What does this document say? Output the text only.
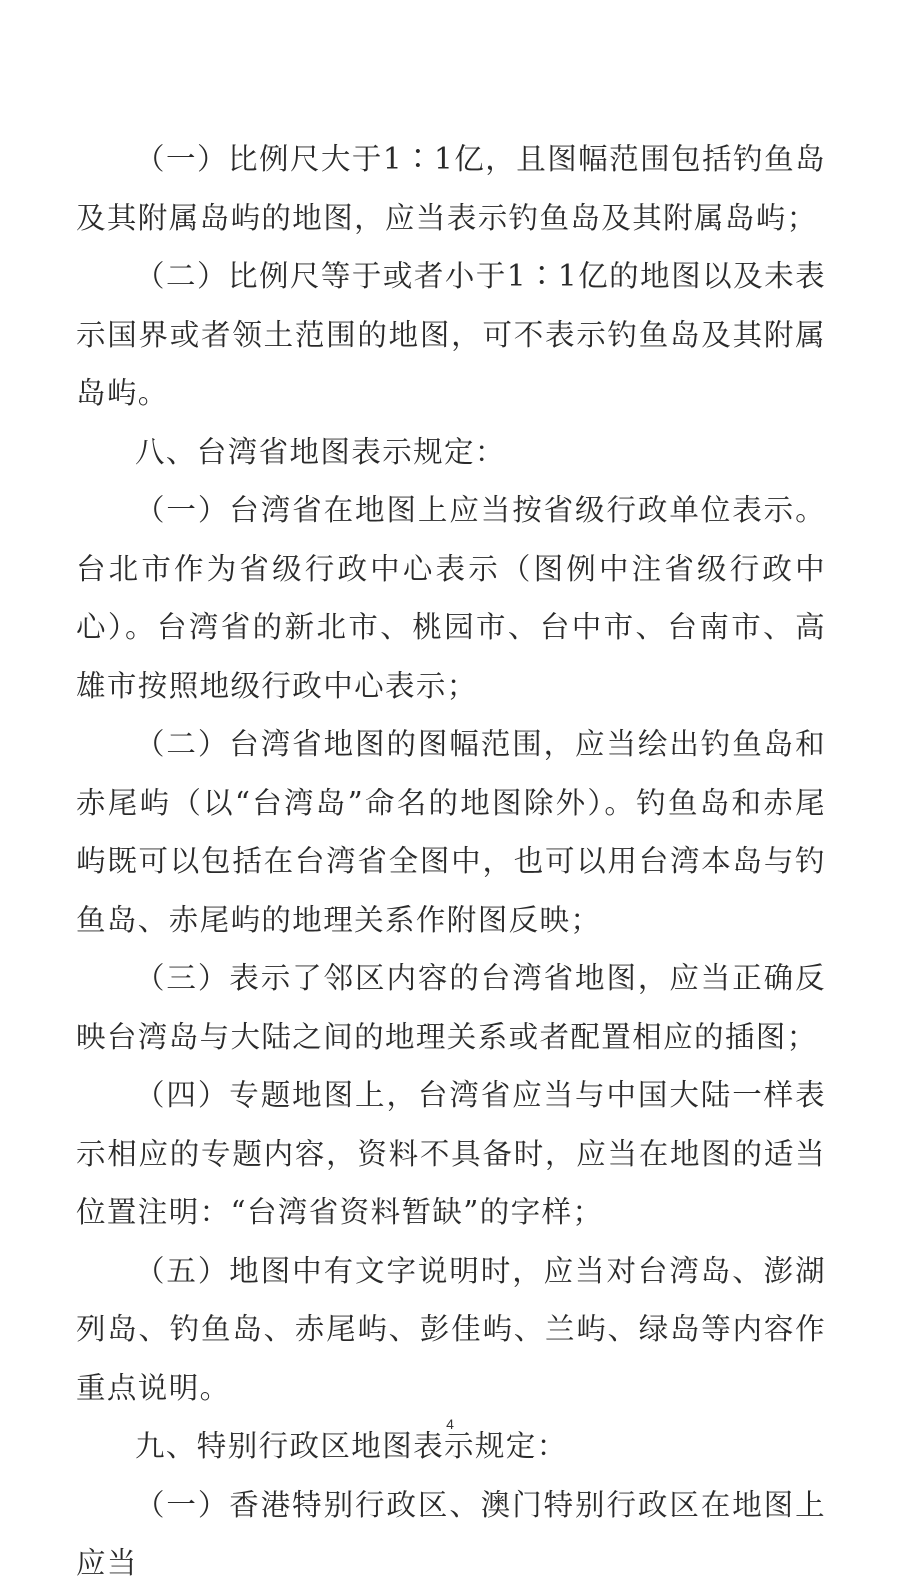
（一）比例尺大于1∶1亿，且图幅范围包括钓鱼岛及其附属岛屿的地图，应当表示钓鱼岛及其附属岛屿；

（二）比例尺等于或者小于1∶1亿的地图以及未表示国界或者领土范围的地图，可不表示钓鱼岛及其附属岛屿。

八、台湾省地图表示规定：

（一）台湾省在地图上应当按省级行政单位表示。台北市作为省级行政中心表示（图例中注省级行政中心）。台湾省的新北市、桃园市、台中市、台南市、高雄市按照地级行政中心表示；

（二）台湾省地图的图幅范围，应当绘出钓鱼岛和赤尾屿（以“台湾岛”命名的地图除外）。钓鱼岛和赤尾屿既可以包括在台湾省全图中，也可以用台湾本岛与钓鱼岛、赤尾屿的地理关系作附图反映；

（三）表示了邻区内容的台湾省地图，应当正确反映台湾岛与大陆之间的地理关系或者配置相应的插图；

（四）专题地图上，台湾省应当与中国大陆一样表示相应的专题内容，资料不具备时，应当在地图的适当位置注明：“台湾省资料暂缺”的字样；

（五）地图中有文字说明时，应当对台湾岛、澎湖列岛、钓鱼岛、赤尾屿、彭佳屿、兰屿、绿岛等内容作重点说明。

九、特别行政区地图表示规定：

（一）香港特别行政区、澳门特别行政区在地图上应当

4
